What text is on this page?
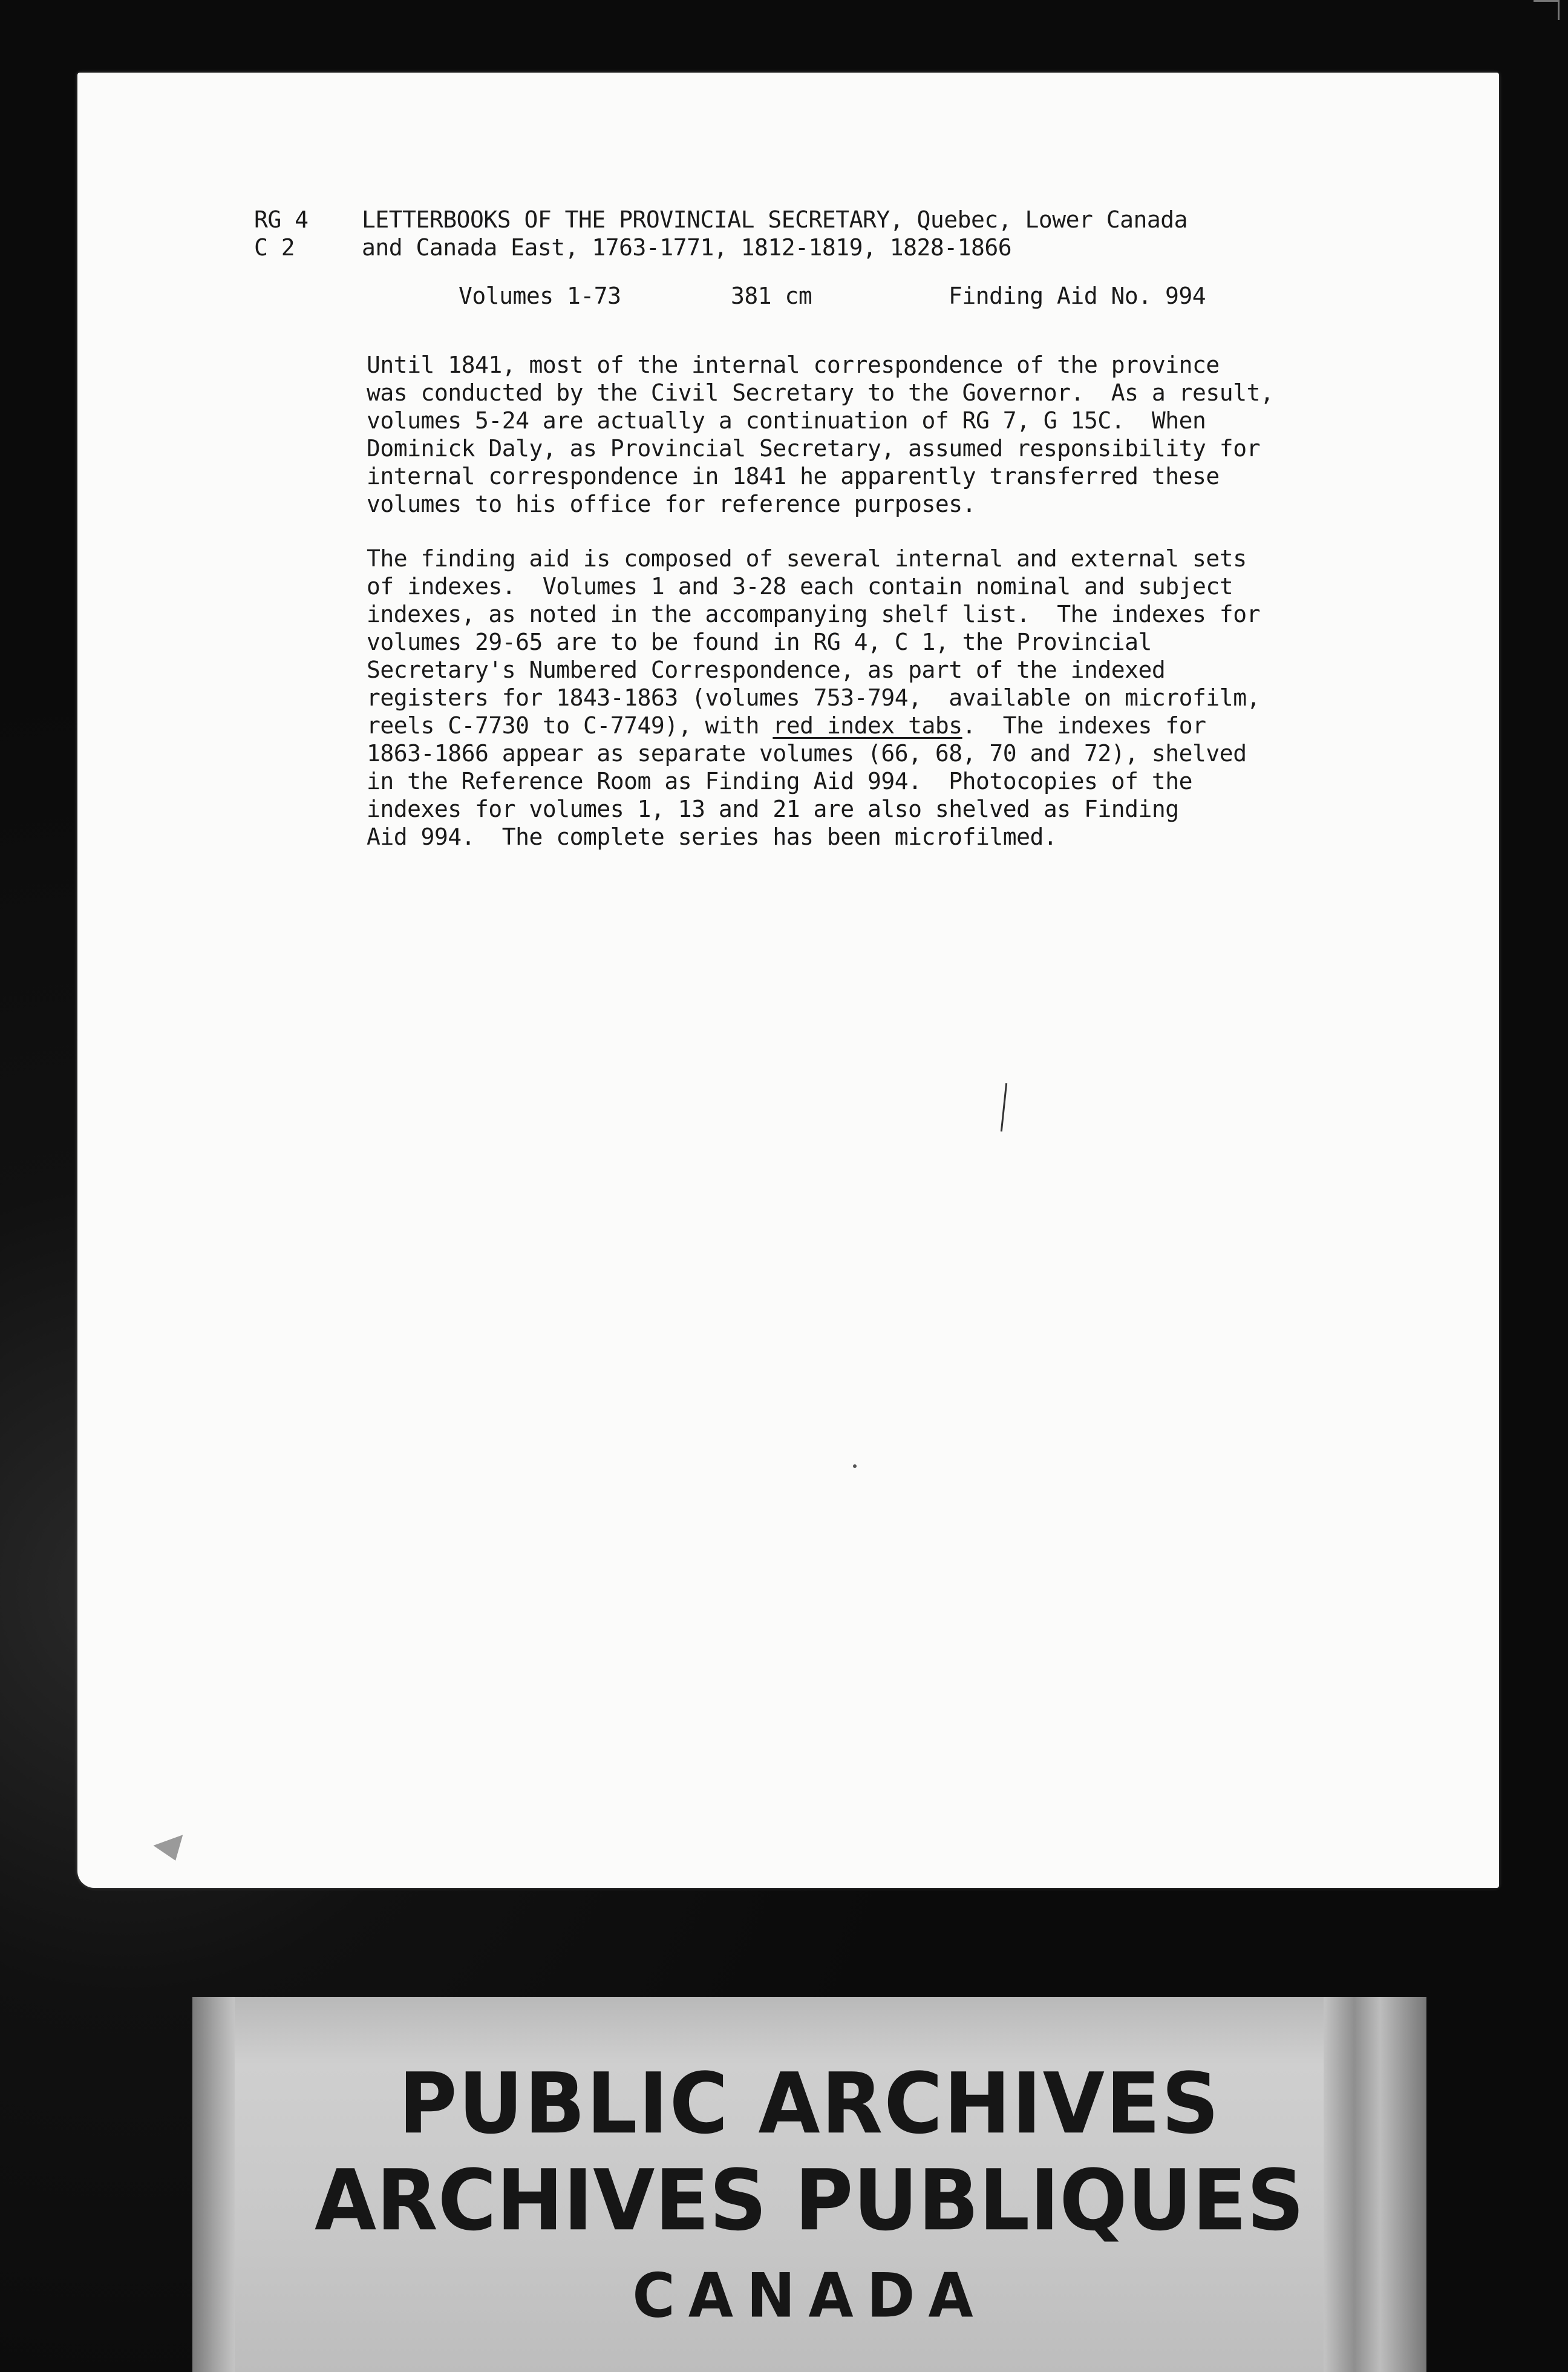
RG 4
C 2
LETTERBOOKS OF THE PROVINCIAL SECRETARY, Quebec, Lower Canada
and Canada East, 1763-1771, 1812-1819, 1828-1866
Volumes 1-73	381 cm	Finding Aid No. 994
Until 1841, most of the internal correspondence of the province
was conducted by the Civil Secretary to the Governor.  As a result,
volumes 5-24 are actually a continuation of RG 7, G 15C.  When
Dominick Daly, as Provincial Secretary, assumed responsibility for
internal correspondence in 1841 he apparently transferred these
volumes to his office for reference purposes.
The finding aid is composed of several internal and external sets
of indexes.  Volumes 1 and 3-28 each contain nominal and subject
indexes, as noted in the accompanying shelf list.  The indexes for
volumes 29-65 are to be found in RG 4, C 1, the Provincial
Secretary's Numbered Correspondence, as part of the indexed
registers for 1843-1863 (volumes 753-794,  available on microfilm,
reels C-7730 to C-7749), with red index tabs.  The indexes for
1863-1866 appear as separate volumes (66, 68, 70 and 72), shelved
in the Reference Room as Finding Aid 994.  Photocopies of the
indexes for volumes 1, 13 and 21 are also shelved as Finding
Aid 994.  The complete series has been microfilmed.
PUBLIC ARCHIVES
ARCHIVES PUBLIQUES
CANADA
